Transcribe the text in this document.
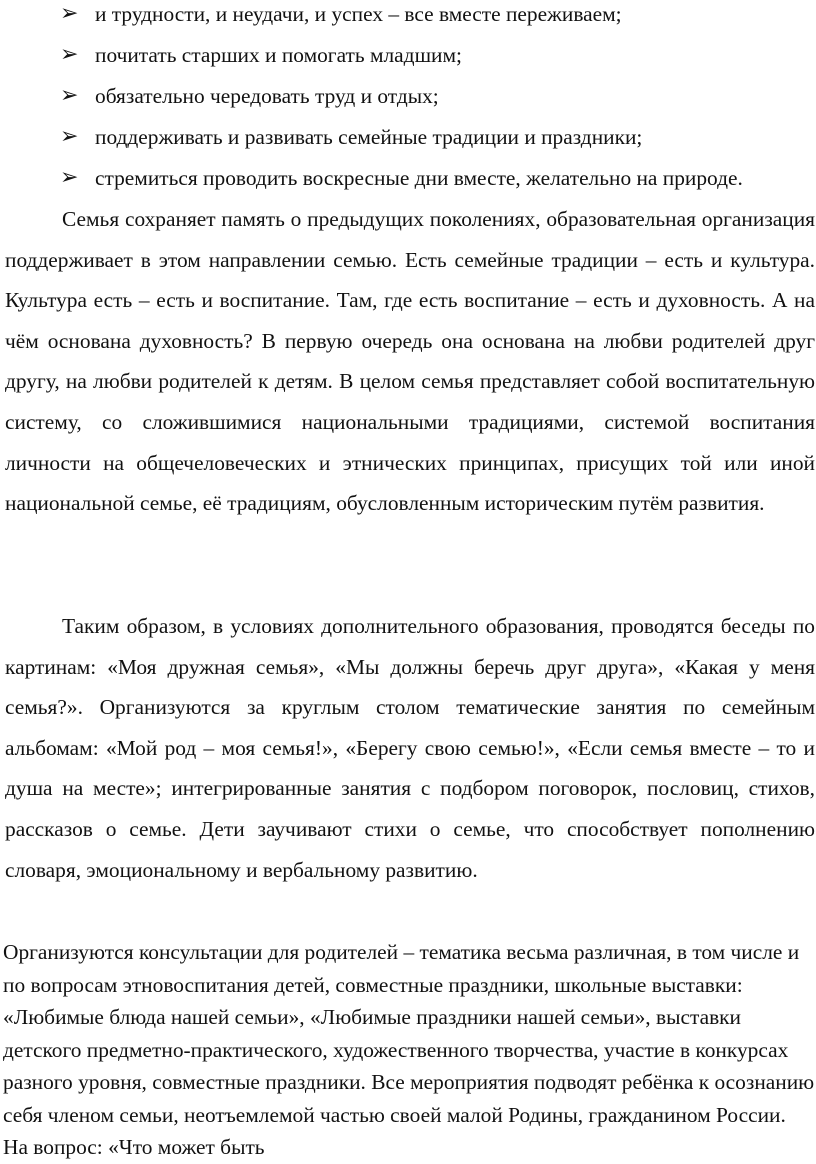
➢ и трудности, и неудачи, и успех – все вместе переживаем;
➢ почитать старших и помогать младшим;
➢ обязательно чередовать труд и отдых;
➢ поддерживать и развивать семейные традиции и праздники;
➢ стремиться проводить воскресные дни вместе, желательно на природе.

Семья сохраняет память о предыдущих поколениях, образовательная организация поддерживает в этом направлении семью. Есть семейные традиции – есть и культура. Культура есть – есть и воспитание. Там, где есть воспитание – есть и духовность. А на чём основана духовность? В первую очередь она основана на любви родителей друг другу, на любви родителей к детям. В целом семья представляет собой воспитательную систему, со сложившимися национальными традициями, системой воспитания личности на общечеловеческих и этнических принципах, присущих той или иной национальной семье, её традициям, обусловленным историческим путём развития.

Таким образом, в условиях дополнительного образования, проводятся беседы по картинам: «Моя дружная семья», «Мы должны беречь друг друга», «Какая у меня семья?». Организуются за круглым столом тематические занятия по семейным альбомам: «Мой род – моя семья!», «Берегу свою семью!», «Если семья вместе – то и душа на месте»; интегрированные занятия с подбором поговорок, пословиц, стихов, рассказов о семье. Дети заучивают стихи о семье, что способствует пополнению словаря, эмоциональному и вербальному развитию.

Организуются консультации для родителей – тематика весьма различная, в том числе и по вопросам этновоспитания детей, совместные праздники, школьные выставки: «Любимые блюда нашей семьи», «Любимые праздники нашей семьи», выставки детского предметно-практического, художественного творчества, участие в конкурсах разного уровня, совместные праздники. Все мероприятия подводят ребёнка к осознанию себя членом семьи, неотъемлемой частью своей малой Родины, гражданином России. На вопрос: «Что может быть
